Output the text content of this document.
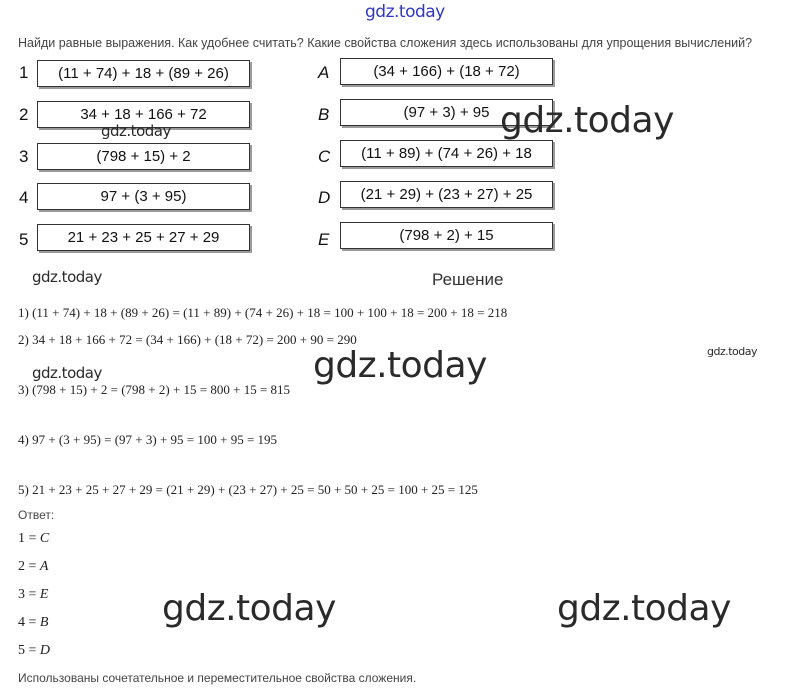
gdz.today
Найди равные выражения. Как удобнее считать? Какие свойства сложения здесь использованы для упрощения вычислений?
1 (11 + 74) + 18 + (89 + 26)
2	34 + 18 + 166 + 72
3	(798 + 15) + 2
4	97 + (3 + 95)
5	21 + 23 + 25 + 27 + 29
A	(34 + 166) + (18 + 72)
B	(97 + 3) + 95
C (11 + 89) + (74 + 26) + 18
D (21 + 29) + (23 + 27) + 25
E	(798 + 2) + 15
gdz.today	gdz.today
gdz.today
gdz.today
gdz.today
gdz.today
gdz.today	gdz.today
Решение
1) (11 + 74) + 18 + (89 + 26) = (11 + 89) + (74 + 26) + 18 = 100 + 100 + 18 = 200 + 18 = 218
2) 34 + 18 + 166 + 72 = (34 + 166) + (18 + 72) = 200 + 90 = 290
3) (798 + 15) + 2 = (798 + 2) + 15 = 800 + 15 = 815
4) 97 + (3 + 95) = (97 + 3) + 95 = 100 + 95 = 195
5) 21 + 23 + 25 + 27 + 29 = (21 + 29) + (23 + 27) + 25 = 50 + 50 + 25 = 100 + 25 = 125
Ответ:
1 = C
2 = A
3 = E
4 = B
5 = D
Использованы сочетательное и переместительное свойства сложения.
